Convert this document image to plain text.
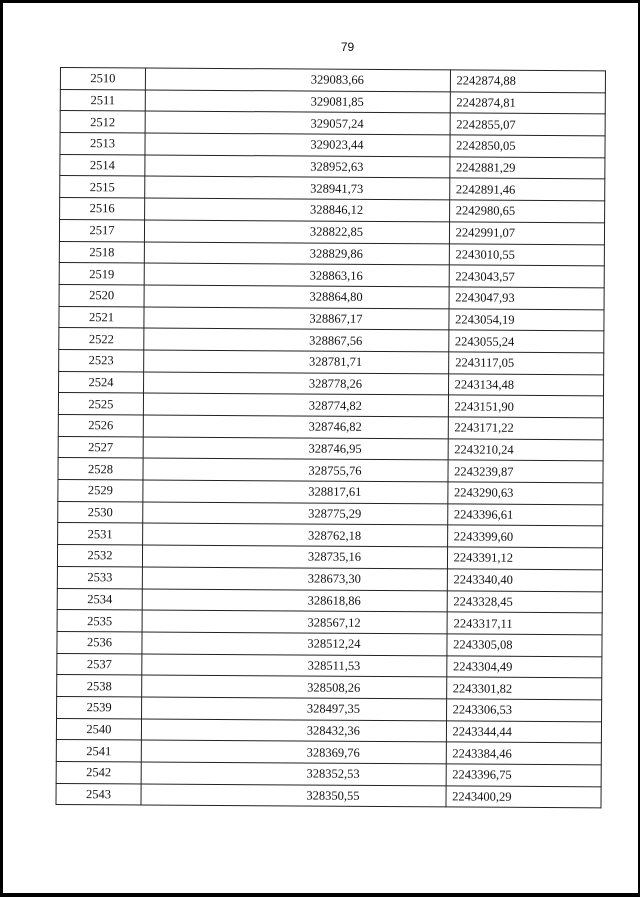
79
2510	329083,66	2242874,88
2511	329081,85	2242874,81
2512	329057,24	2242855,07
2513	329023,44	2242850,05
2514	328952,63	2242881,29
2515	328941,73	2242891,46
2516	328846,12	2242980,65
2517	328822,85	2242991,07
2518	328829,86	2243010,55
2519	328863,16	2243043,57
2520	328864,80	2243047,93
2521	328867,17	2243054,19
2522	328867,56	2243055,24
2523	328781,71	2243117,05
2524	328778,26	2243134,48
2525	328774,82	2243151,90
2526	328746,82	2243171,22
2527	328746,95	2243210,24
2528	328755,76	2243239,87
2529	328817,61	2243290,63
2530	328775,29	2243396,61
2531	328762,18	2243399,60
2532	328735,16	2243391,12
2533	328673,30	2243340,40
2534	328618,86	2243328,45
2535	328567,12	2243317,11
2536	328512,24	2243305,08
2537	328511,53	2243304,49
2538	328508,26	2243301,82
2539	328497,35	2243306,53
2540	328432,36	2243344,44
2541	328369,76	2243384,46
2542	328352,53	2243396,75
2543	328350,55	2243400,29
